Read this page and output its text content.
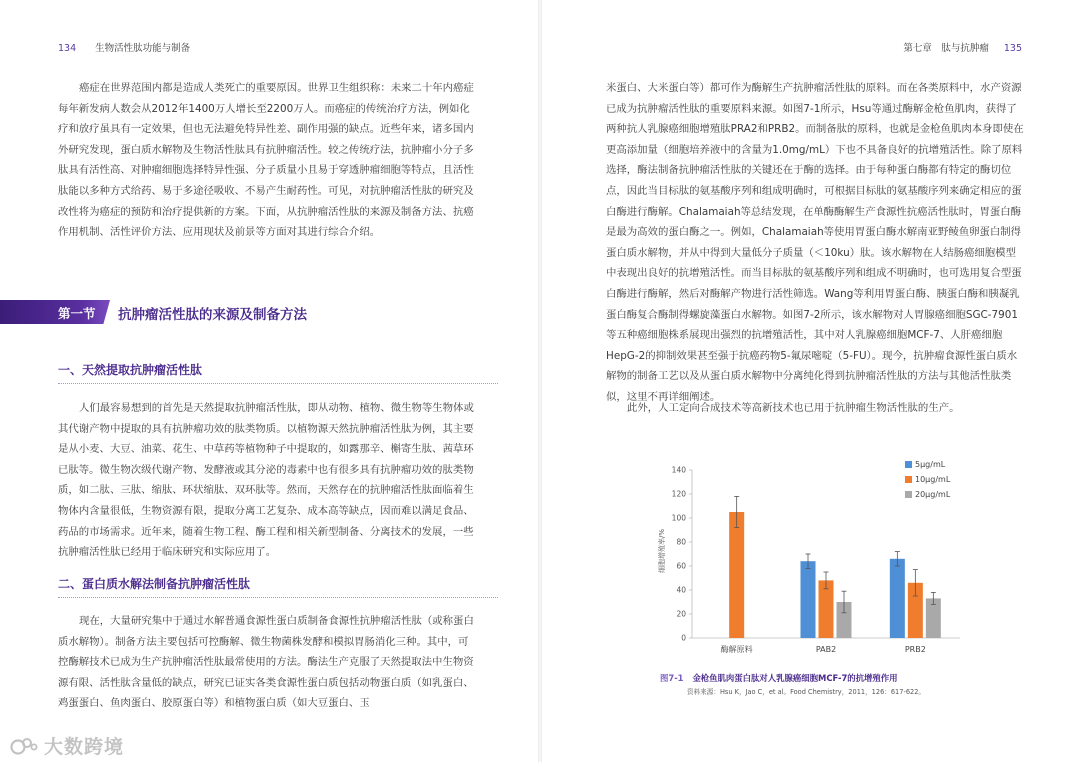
134 生物活性肽功能与制备

癌症在世界范围内都是造成人类死亡的重要原因。世界卫生组织称：未来二十年内癌症每年新发病人数会从2012年1400万人增长至2200万人。而癌症的传统治疗方法，例如化疗和放疗虽具有一定效果，但也无法避免特异性差、副作用强的缺点。近些年来，诸多国内外研究发现，蛋白质水解物及生物活性肽具有抗肿瘤活性。较之传统疗法，抗肿瘤小分子多肽具有活性高、对肿瘤细胞选择特异性强、分子质量小且易于穿透肿瘤细胞等特点，且活性肽能以多种方式给药、易于多途径吸收、不易产生耐药性。可见，对抗肿瘤活性肽的研究及改性将为癌症的预防和治疗提供新的方案。下面，从抗肿瘤活性肽的来源及制备方法、抗癌作用机制、活性评价方法、应用现状及前景等方面对其进行综合介绍。

第一节 抗肿瘤活性肽的来源及制备方法
一、天然提取抗肿瘤活性肽

人们最容易想到的首先是天然提取抗肿瘤活性肽，即从动物、植物、微生物等生物体或其代谢产物中提取的具有抗肿瘤功效的肽类物质。以植物源天然抗肿瘤活性肽为例，其主要是从小麦、大豆、油菜、花生、中草药等植物种子中提取的，如露那辛、槲寄生肽、茜草环已肽等。微生物次级代谢产物、发酵液或其分泌的毒素中也有很多具有抗肿瘤功效的肽类物质，如二肽、三肽、缩肽、环状缩肽、双环肽等。然而，天然存在的抗肿瘤活性肽面临着生物体内含量很低，生物资源有限，提取分离工艺复杂、成本高等缺点，因而难以满足食品、药品的市场需求。近年来，随着生物工程、酶工程和相关新型制备、分离技术的发展，一些抗肿瘤活性肽已经用于临床研究和实际应用了。

二、蛋白质水解法制备抗肿瘤活性肽

现在，大量研究集中于通过水解普通食源性蛋白质制备食源性抗肿瘤活性肽（或称蛋白质水解物）。制备方法主要包括可控酶解、微生物菌株发酵和模拟胃肠消化三种。其中，可控酶解技术已成为生产抗肿瘤活性肽最常使用的方法。酶法生产克服了天然提取法中生物资源有限、活性肽含量低的缺点，研究已证实各类食源性蛋白质包括动物蛋白质（如乳蛋白、鸡蛋蛋白、鱼肉蛋白、胶原蛋白等）和植物蛋白质（如大豆蛋白、玉

第七章　肽与抗肿瘤 135

米蛋白、大米蛋白等）都可作为酶解生产抗肿瘤活性肽的原料。而在各类原料中，水产资源已成为抗肿瘤活性肽的重要原料来源。如图7-1所示，Hsu等通过酶解金枪鱼肌肉，获得了两种抗人乳腺癌细胞增殖肽PRA2和PRB2。而制备肽的原料，也就是金枪鱼肌肉本身即使在更高添加量（细胞培养液中的含量为1.0mg/mL）下也不具备良好的抗增殖活性。除了原料选择，酶法制备抗肿瘤活性肽的关键还在于酶的选择。由于每种蛋白酶都有特定的酶切位点，因此当目标肽的氨基酸序列和组成明确时，可根据目标肽的氨基酸序列来确定相应的蛋白酶进行酶解。Chalamaiah等总结发现，在单酶酶解生产食源性抗癌活性肽时，胃蛋白酶是最为高效的蛋白酶之一。例如，Chalamaiah等使用胃蛋白酶水解南亚野鲮鱼卵蛋白制得蛋白质水解物，并从中得到大量低分子质量（＜10ku）肽。该水解物在人结肠癌细胞模型中表现出良好的抗增殖活性。而当目标肽的氨基酸序列和组成不明确时，也可选用复合型蛋白酶进行酶解，然后对酶解产物进行活性筛选。Wang等利用胃蛋白酶、胰蛋白酶和胰凝乳蛋白酶复合酶制得螺旋藻蛋白水解物。如图7-2所示，该水解物对人胃腺癌细胞SGC-7901等五种癌细胞株系展现出强烈的抗增殖活性，其中对人乳腺癌细胞MCF-7、人肝癌细胞HepG-2的抑制效果甚至强于抗癌药物5-氟尿嘧啶（5-FU）。现今，抗肿瘤食源性蛋白质水解物的制备工艺以及从蛋白质水解物中分离纯化得到抗肿瘤活性肽的方法与其他活性肽类似，这里不再详细阐述。

此外，人工定向合成技术等高新技术也已用于抗肿瘤生物活性肽的生产。

细胞增殖率/%
0
20
40
60
80
100
120
140
酶解原料	PAB2	PRB2
5μg/mL
10μg/mL
20μg/mL
图7-1 金枪鱼肌肉蛋白肽对人乳腺癌细胞MCF-7的抗增殖作用
资料来源：Hsu K，Jao C，et al。Food Chemistry，2011，126：617-622。
大数跨境
